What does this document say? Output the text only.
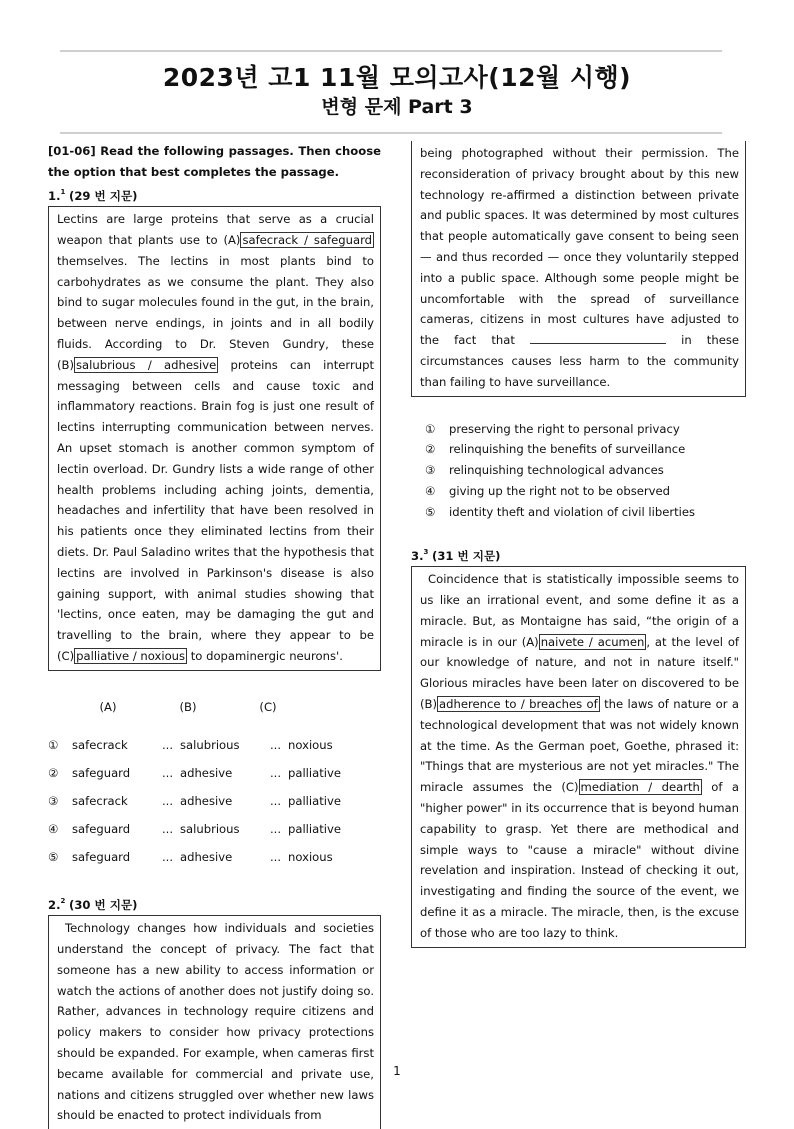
2023년 고1 11월 모의고사(12월 시행)
변형 문제 Part 3
[01-06] Read the following passages. Then choose the option that best completes the passage.
1.$^1$ (29 번 지문)

Lectins are large proteins that serve as a crucial weapon that plants use to (A) safecrack / safeguard themselves. The lectins in most plants bind to carbohydrates as we consume the plant. They also bind to sugar molecules found in the gut, in the brain, between nerve endings, in joints and in all bodily fluids. According to Dr. Steven Gundry, these (B) salubrious / adhesive proteins can interrupt messaging between cells and cause toxic and inflammatory reactions. Brain fog is just one result of lectins interrupting communication between nerves. An upset stomach is another common symptom of lectin overload. Dr. Gundry lists a wide range of other health problems including aching joints, dementia, headaches and infertility that have been resolved in his patients once they eliminated lectins from their diets. Dr. Paul Saladino writes that the hypothesis that lectins are involved in Parkinson's disease is also gaining support, with animal studies showing that 'lectins, once eaten, may be damaging the gut and travelling to the brain, where they appear to be (C) palliative / noxious to dopaminergic neurons'.

(A)	(B)	(C)
①	safecrack	...	salubrious	...	noxious
②	safeguard	...	adhesive	...	palliative
③	safecrack	...	adhesive	...	palliative
④	safeguard	...	salubrious	...	palliative
⑤	safeguard	...	adhesive	...	noxious
2.$^2$ (30 번 지문)

Technology changes how individuals and societies understand the concept of privacy. The fact that someone has a new ability to access information or watch the actions of another does not justify doing so. Rather, advances in technology require citizens and policy makers to consider how privacy protections should be expanded. For example, when cameras first became available for commercial and private use, nations and citizens struggled over whether new laws should be enacted to protect individuals from

being photographed without their permission. The reconsideration of privacy brought about by this new technology re-affirmed a distinction between private and public spaces. It was determined by most cultures that people automatically gave consent to being seen — and thus recorded — once they voluntarily stepped into a public space. Although some people might be uncomfortable with the spread of surveillance cameras, citizens in most cultures have adjusted to the fact that	in these circumstances causes less harm to the community than failing to have surveillance.

①	preserving the right to personal privacy
②	relinquishing the benefits of surveillance
③	relinquishing technological advances
④	giving up the right not to be observed
⑤	identity theft and violation of civil liberties
3.$^3$ (31 번 지문)

Coincidence that is statistically impossible seems to us like an irrational event, and some define it as a miracle. But, as Montaigne has said, “the origin of a miracle is in our (A) naivete / acumen , at the level of our knowledge of nature, and not in nature itself." Glorious miracles have been later on discovered to be (B) adherence to / breaches of the laws of nature or a technological development that was not widely known at the time. As the German poet, Goethe, phrased it: "Things that are mysterious are not yet miracles." The miracle assumes the (C) mediation / dearth of a "higher power" in its occurrence that is beyond human capability to grasp. Yet there are methodical and simple ways to "cause a miracle" without divine revelation and inspiration. Instead of checking it out, investigating and finding the source of the event, we define it as a miracle. The miracle, then, is the excuse of those who are too lazy to think.

1
